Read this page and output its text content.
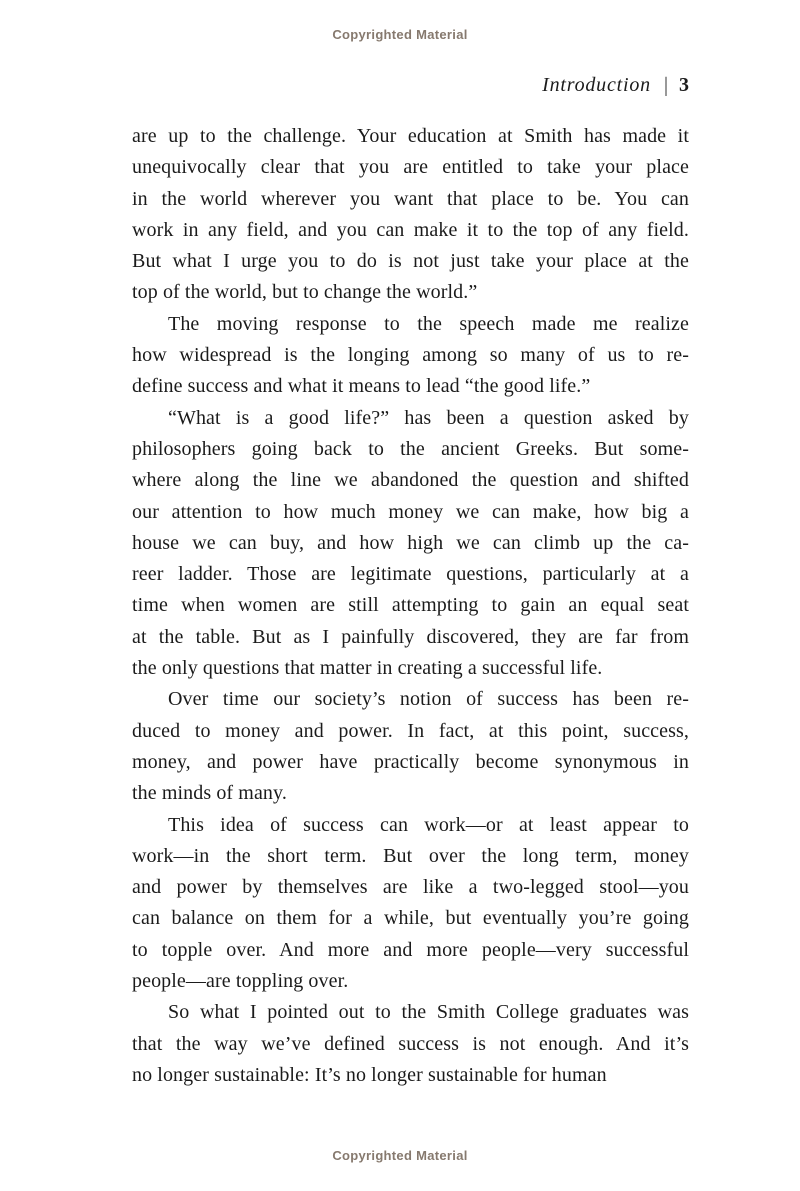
Copyrighted Material
Introduction | 3
are up to the challenge. Your education at Smith has made it
unequivocally clear that you are entitled to take your place
in the world wherever you want that place to be. You can
work in any field, and you can make it to the top of any field.
But what I urge you to do is not just take your place at the
top of the world, but to change the world.”
The moving response to the speech made me realize
how widespread is the longing among so many of us to re-
define success and what it means to lead “the good life.”
“What is a good life?” has been a question asked by
philosophers going back to the ancient Greeks. But some-
where along the line we abandoned the question and shifted
our attention to how much money we can make, how big a
house we can buy, and how high we can climb up the ca-
reer ladder. Those are legitimate questions, particularly at a
time when women are still attempting to gain an equal seat
at the table. But as I painfully discovered, they are far from
the only questions that matter in creating a successful life.
Over time our society’s notion of success has been re-
duced to money and power. In fact, at this point, success,
money, and power have practically become synonymous in
the minds of many.
This idea of success can work—or at least appear to
work—in the short term. But over the long term, money
and power by themselves are like a two-legged stool—you
can balance on them for a while, but eventually you’re going
to topple over. And more and more people—very successful
people—are toppling over.
So what I pointed out to the Smith College graduates was
that the way we’ve defined success is not enough. And it’s
no longer sustainable: It’s no longer sustainable for human
Copyrighted Material
